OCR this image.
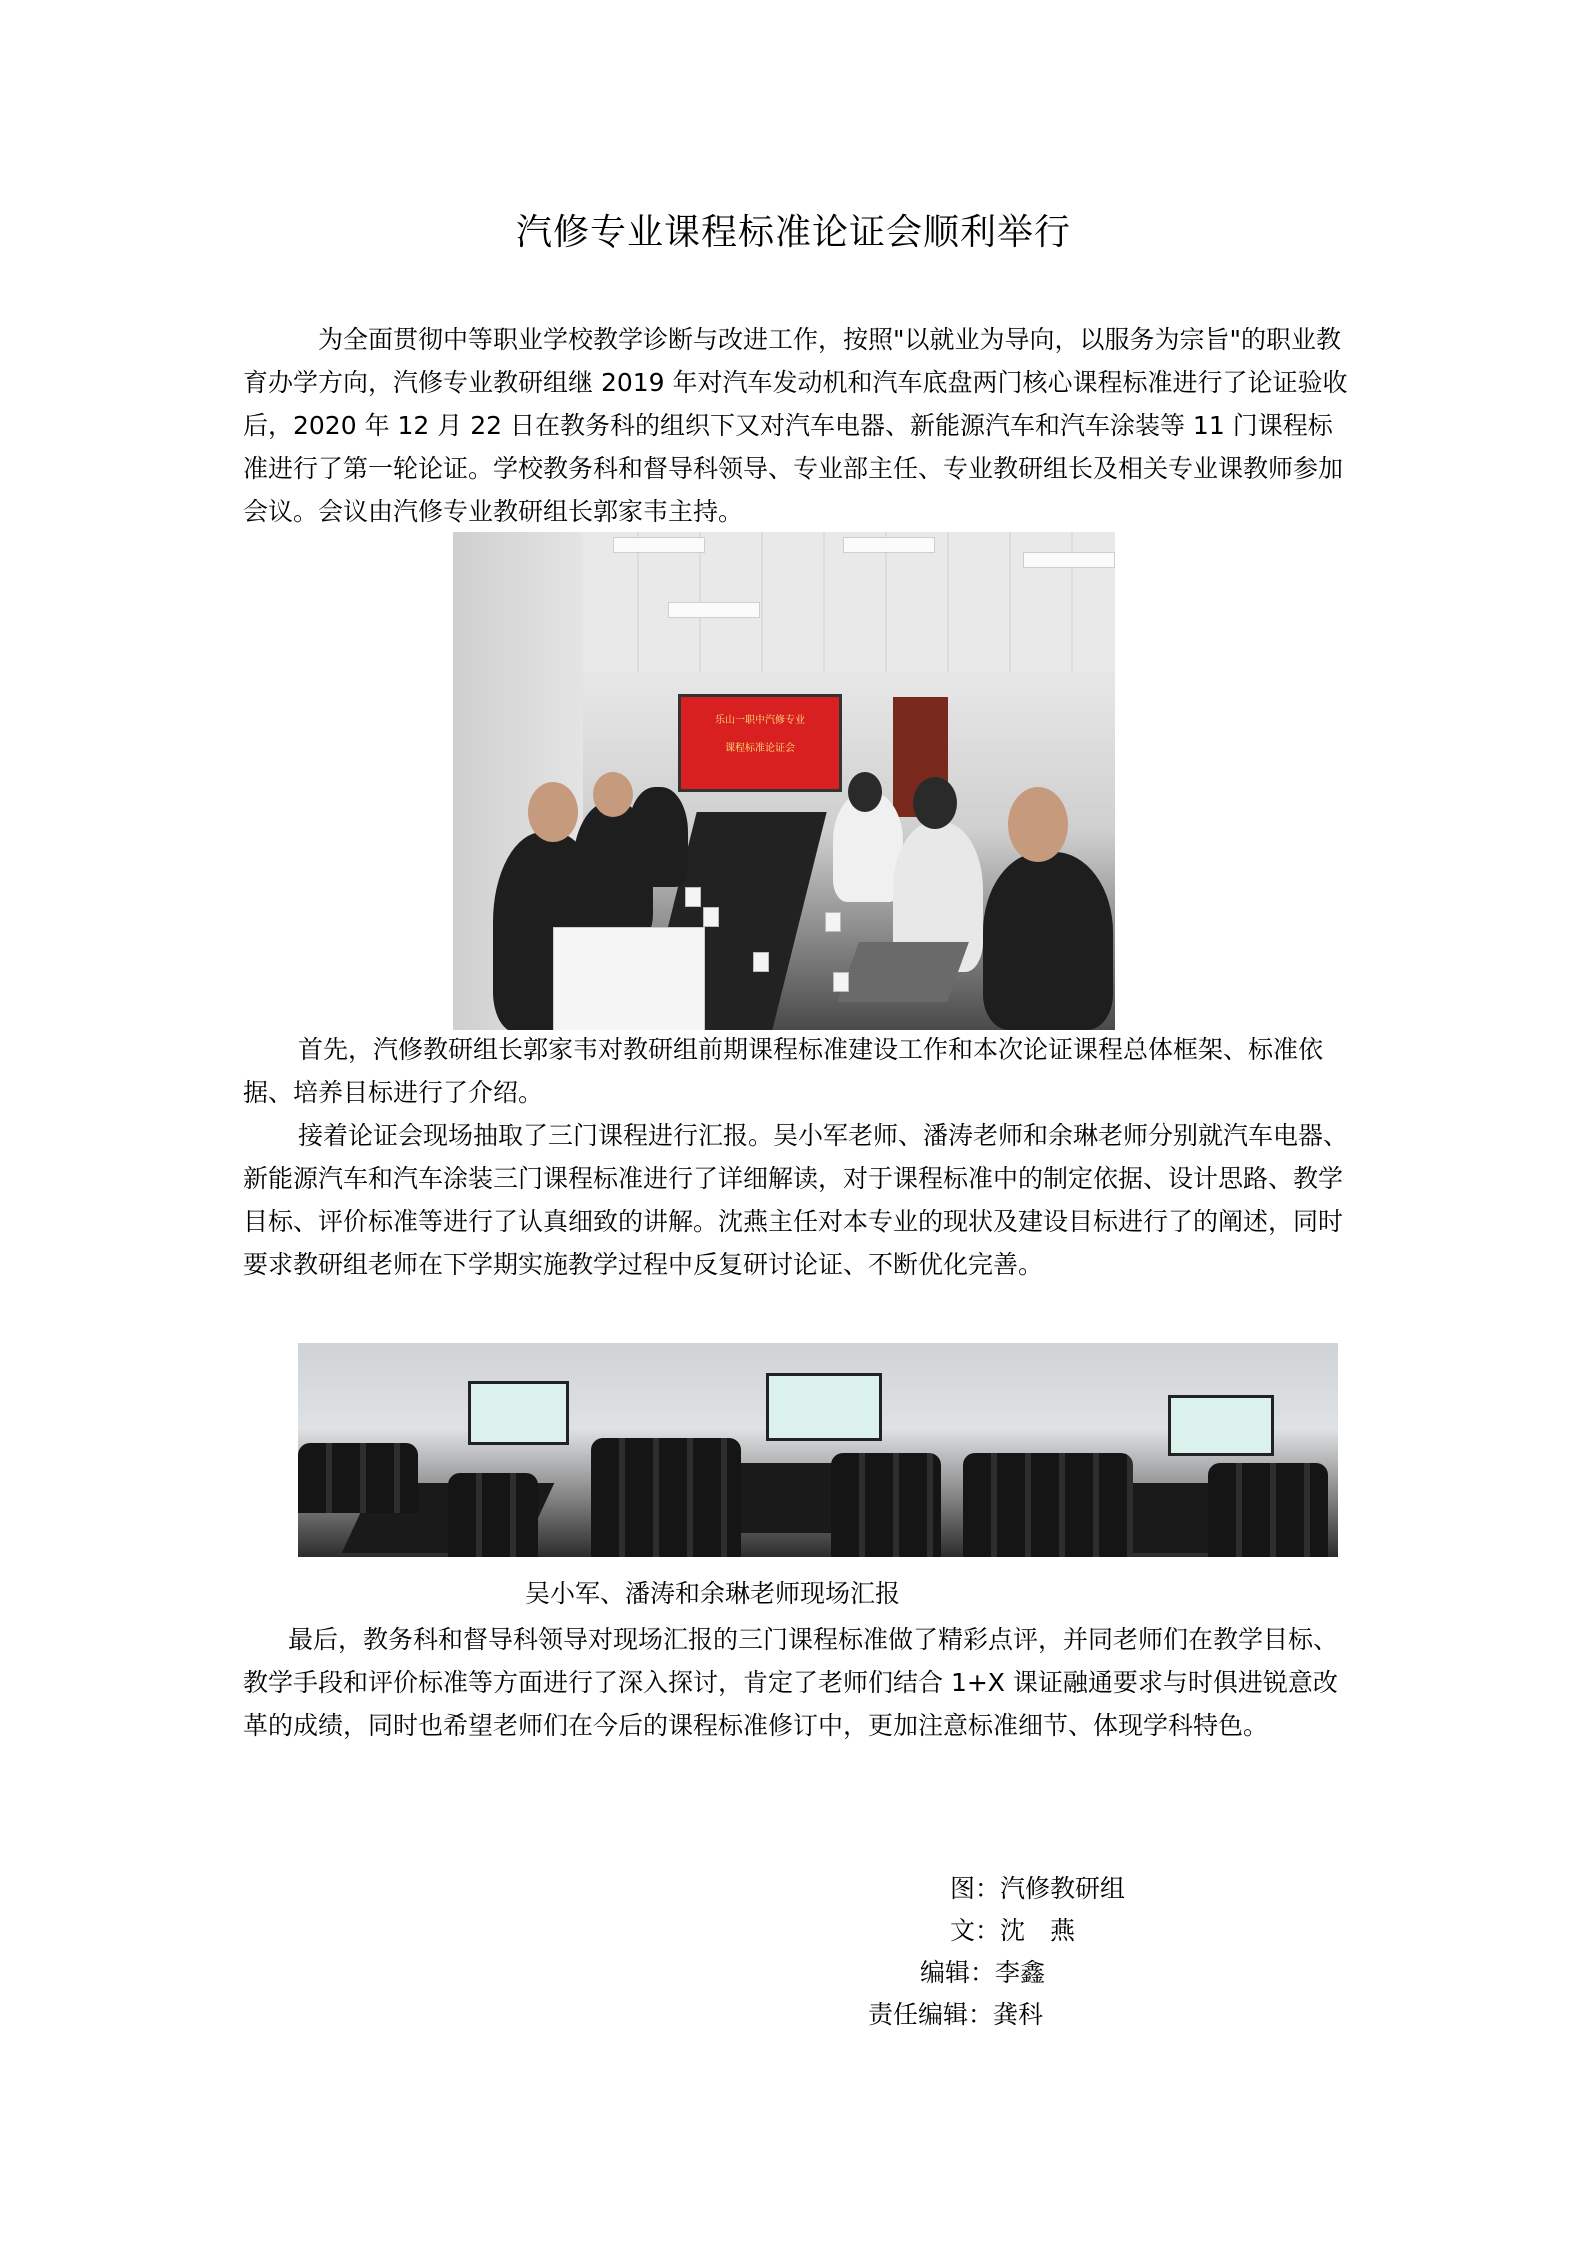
汽修专业课程标准论证会顺利举行

为全面贯彻中等职业学校教学诊断与改进工作，按照"以就业为导向，以服务为宗旨"的职业教育办学方向，汽修专业教研组继 2019 年对汽车发动机和汽车底盘两门核心课程标准进行了论证验收后，2020 年 12 月 22 日在教务科的组织下又对汽车电器、新能源汽车和汽车涂装等 11 门课程标准进行了第一轮论证。学校教务科和督导科领导、专业部主任、专业教研组长及相关专业课教师参加会议。会议由汽修专业教研组长郭家韦主持。

乐山一职中汽修专业
课程标准论证会

首先，汽修教研组长郭家韦对教研组前期课程标准建设工作和本次论证课程总体框架、标准依据、培养目标进行了介绍。

接着论证会现场抽取了三门课程进行汇报。吴小军老师、潘涛老师和余琳老师分别就汽车电器、新能源汽车和汽车涂装三门课程标准进行了详细解读，对于课程标准中的制定依据、设计思路、教学目标、评价标准等进行了认真细致的讲解。沈燕主任对本专业的现状及建设目标进行了的阐述，同时要求教研组老师在下学期实施教学过程中反复研讨论证、不断优化完善。

吴小军、潘涛和余琳老师现场汇报

最后，教务科和督导科领导对现场汇报的三门课程标准做了精彩点评，并同老师们在教学目标、教学手段和评价标准等方面进行了深入探讨，肯定了老师们结合 1+X 课证融通要求与时俱进锐意改革的成绩，同时也希望老师们在今后的课程标准修订中，更加注意标准细节、体现学科特色。

图：汽修教研组
文：沈　燕
编辑：李鑫
责任编辑：龚科
